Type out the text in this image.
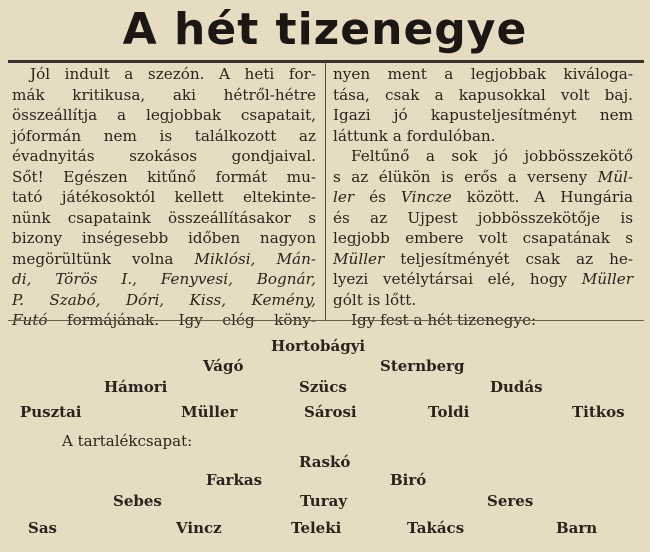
A hét tizenegye
Jól indult a szezón. A heti for-
mák kritikusa, aki hétről-hétre
összeállítja a legjobbak csapatait,
jóformán nem is találkozott az
évadnyitás szokásos gondjaival.
Sőt! Egészen kitűnő formát mu-
tató játékosoktól kellett eltekinte-
nünk csapataink összeállításakor s
bizony inségesebb időben nagyon
megörültünk volna Miklósi, Mán-
di, Törös I., Fenyvesi, Bognár,
P. Szabó, Dóri, Kiss, Kemény,
Futó formájának. Igy elég köny-
nyen ment a legjobbak kiváloga-
tása, csak a kapusokkal volt baj.
Igazi jó kapusteljesítményt nem
láttunk a fordulóban.
Feltűnő a sok jó jobbösszekötő
s az élükön is erős a verseny Mül-
ler és Vincze között. A Hungária
és az Ujpest jobbösszekötője is
legjobb embere volt csapatának s
Müller teljesítményét csak az he-
lyezi vetélytársai elé, hogy Müller
gólt is lőtt.
Igy fest a hét tizenegye:
Hortobágyi
Vágó	Sternberg
Hámori	Szücs	Dudás
Pusztai	Müller	Sárosi	Toldi	Titkos
A tartalékcsapat:
Raskó
Farkas	Biró
Sebes	Turay	Seres
Sas	Vincz	Teleki	Takács	Barn
